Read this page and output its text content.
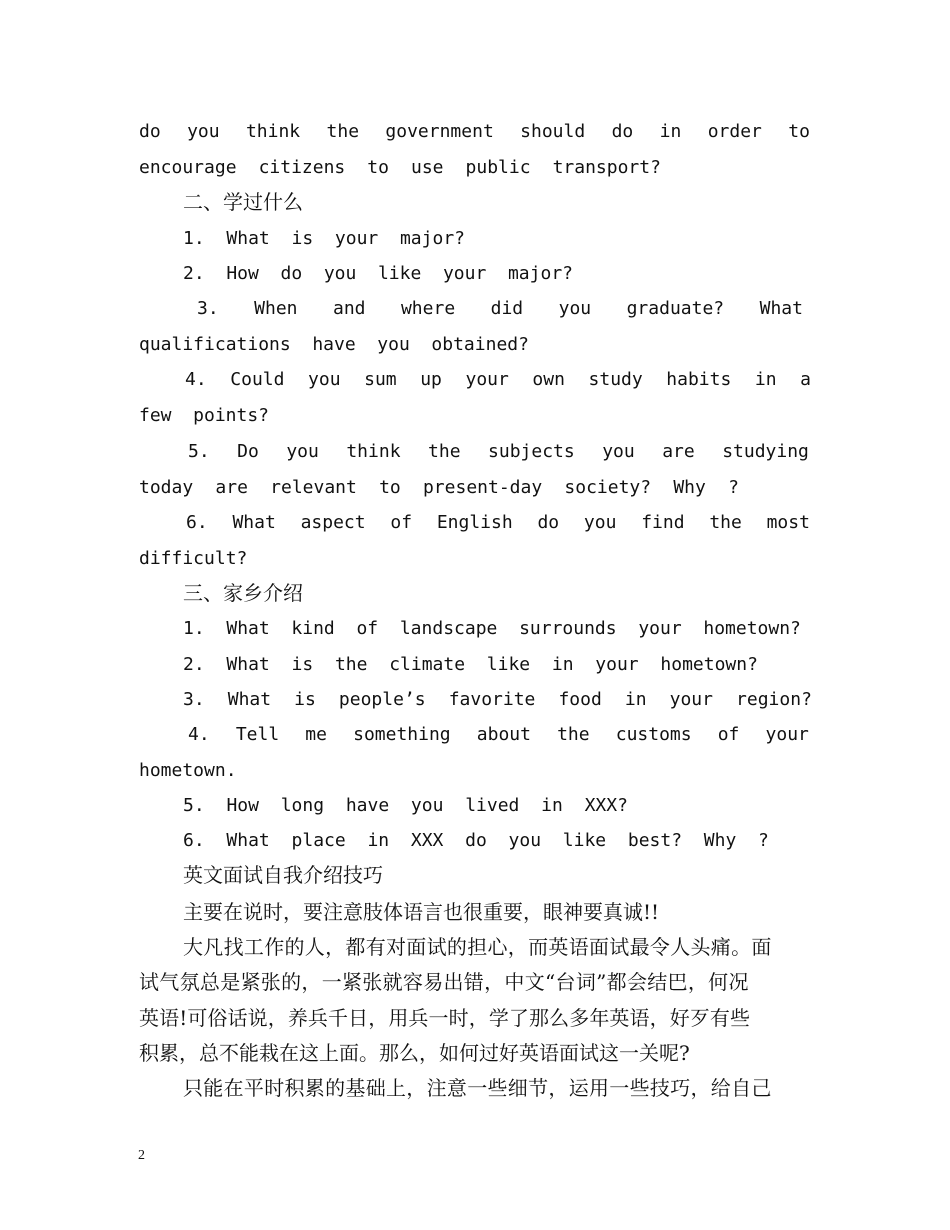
do you think the government should do in order to
encourage citizens to use public transport?
二、学过什么
1. What is your major?
2. How do you like your major?
3. When and where did you graduate? What
qualifications have you obtained?
4. Could you sum up your own study habits in a
few points?
5. Do you think the subjects you are studying
today are relevant to present-day society? Why ?
6. What aspect of English do you find the most
difficult?
三、家乡介绍
1. What kind of landscape surrounds your hometown?
2. What is the climate like in your hometown?
3. What is people’s favorite food in your region?
4. Tell me something about the customs of your
hometown.
5. How long have you lived in XXX?
6. What place in XXX do you like best? Why ?
英文面试自我介绍技巧
主要在说时，要注意肢体语言也很重要，眼神要真诚!!
大凡找工作的人，都有对面试的担心，而英语面试最令人头痛。面
试气氛总是紧张的，一紧张就容易出错，中文“台词”都会结巴，何况
英语!可俗话说，养兵千日，用兵一时，学了那么多年英语，好歹有些
积累，总不能栽在这上面。那么，如何过好英语面试这一关呢?
只能在平时积累的基础上，注意一些细节，运用一些技巧，给自己
2
